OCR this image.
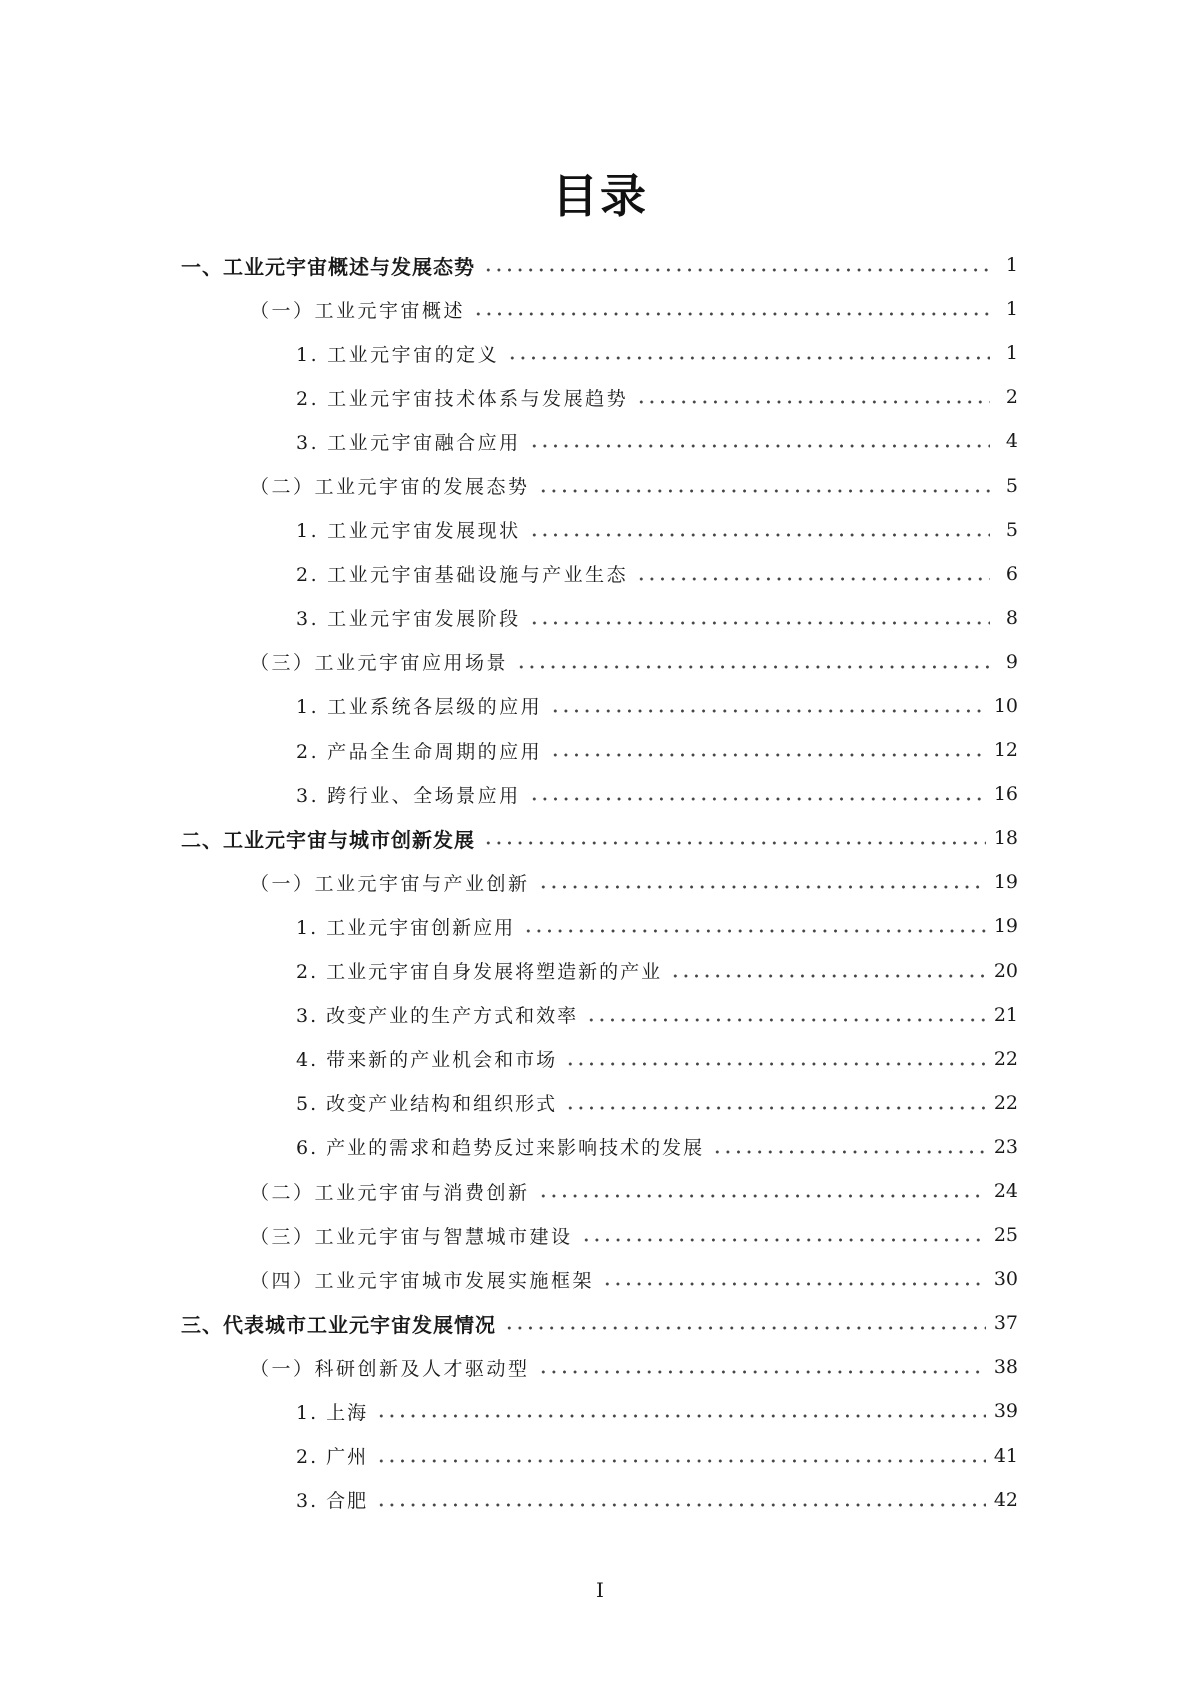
目录
一、工业元宇宙概述与发展态势	1
（一）工业元宇宙概述	1
1. 工业元宇宙的定义	1
2. 工业元宇宙技术体系与发展趋势	2
3. 工业元宇宙融合应用	4
（二）工业元宇宙的发展态势	5
1. 工业元宇宙发展现状	5
2. 工业元宇宙基础设施与产业生态	6
3. 工业元宇宙发展阶段	8
（三）工业元宇宙应用场景	9
1. 工业系统各层级的应用	10
2. 产品全生命周期的应用	12
3. 跨行业、全场景应用	16
二、工业元宇宙与城市创新发展	18
（一）工业元宇宙与产业创新	19
1. 工业元宇宙创新应用	19
2. 工业元宇宙自身发展将塑造新的产业	20
3. 改变产业的生产方式和效率	21
4. 带来新的产业机会和市场	22
5. 改变产业结构和组织形式	22
6. 产业的需求和趋势反过来影响技术的发展	23
（二）工业元宇宙与消费创新	24
（三）工业元宇宙与智慧城市建设	25
（四）工业元宇宙城市发展实施框架	30
三、代表城市工业元宇宙发展情况	37
（一）科研创新及人才驱动型	38
1. 上海	39
2. 广州	41
3. 合肥	42
I
